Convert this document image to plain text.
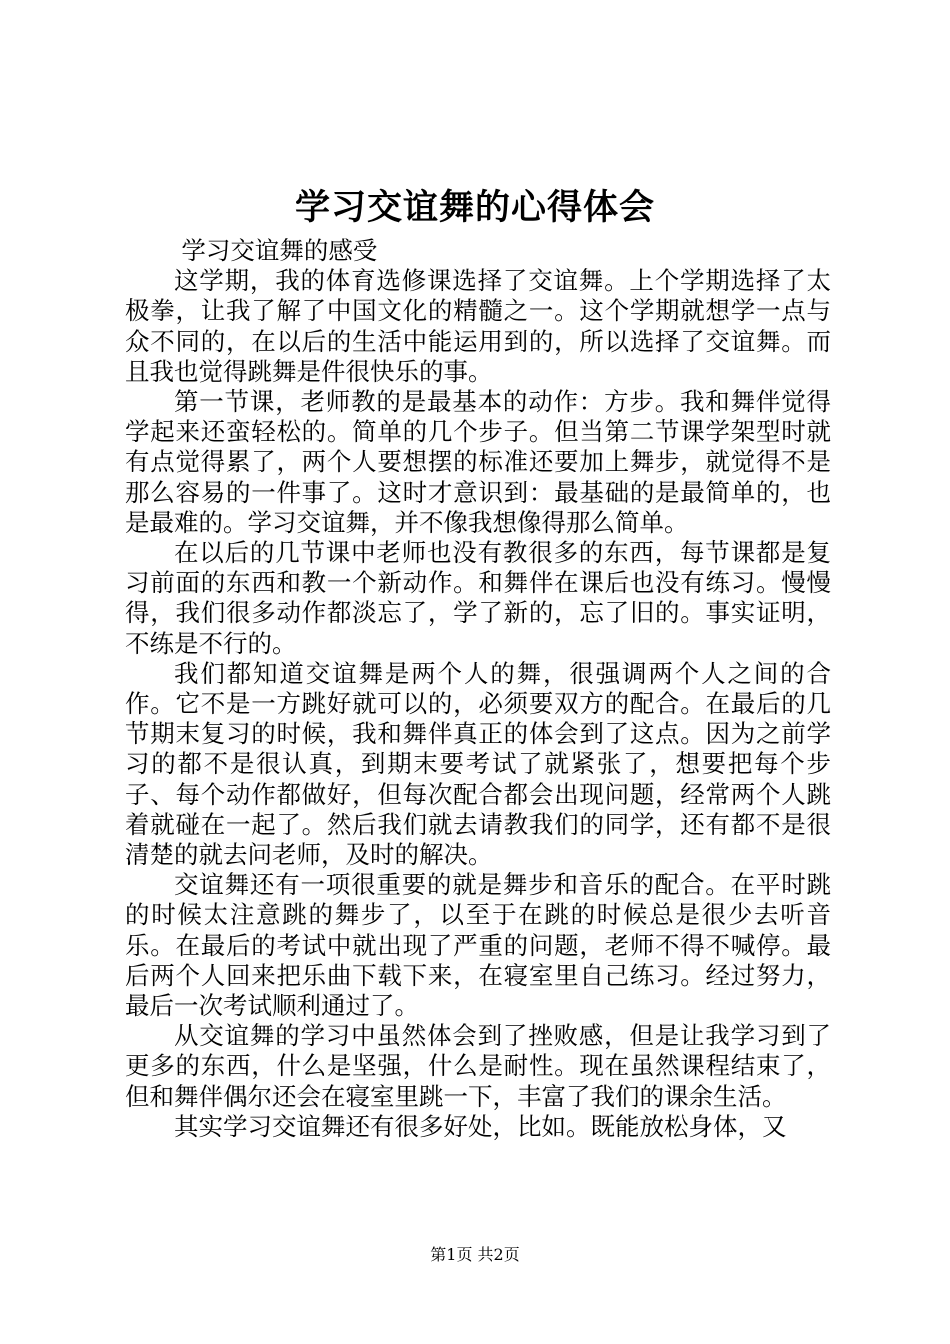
学习交谊舞的心得体会

学习交谊舞的感受

这学期，我的体育选修课选择了交谊舞。上个学期选择了太极拳，让我了解了中国文化的精髓之一。这个学期就想学一点与众不同的，在以后的生活中能运用到的，所以选择了交谊舞。而且我也觉得跳舞是件很快乐的事。

第一节课，老师教的是最基本的动作：方步。我和舞伴觉得学起来还蛮轻松的。简单的几个步子。但当第二节课学架型时就有点觉得累了，两个人要想摆的标准还要加上舞步，就觉得不是那么容易的一件事了。这时才意识到：最基础的是最简单的，也是最难的。学习交谊舞，并不像我想像得那么简单。

在以后的几节课中老师也没有教很多的东西，每节课都是复习前面的东西和教一个新动作。和舞伴在课后也没有练习。慢慢得，我们很多动作都淡忘了，学了新的，忘了旧的。事实证明，不练是不行的。

我们都知道交谊舞是两个人的舞，很强调两个人之间的合作。它不是一方跳好就可以的，必须要双方的配合。在最后的几节期末复习的时候，我和舞伴真正的体会到了这点。因为之前学习的都不是很认真，到期末要考试了就紧张了，想要把每个步子、每个动作都做好，但每次配合都会出现问题，经常两个人跳着就碰在一起了。然后我们就去请教我们的同学，还有都不是很清楚的就去问老师，及时的解决。

交谊舞还有一项很重要的就是舞步和音乐的配合。在平时跳的时候太注意跳的舞步了，以至于在跳的时候总是很少去听音乐。在最后的考试中就出现了严重的问题，老师不得不喊停。最后两个人回来把乐曲下载下来，在寝室里自己练习。经过努力，最后一次考试顺利通过了。

从交谊舞的学习中虽然体会到了挫败感，但是让我学习到了更多的东西，什么是坚强，什么是耐性。现在虽然课程结束了，但和舞伴偶尔还会在寝室里跳一下，丰富了我们的课余生活。

其实学习交谊舞还有很多好处，比如。既能放松身体，又

第1页 共2页
